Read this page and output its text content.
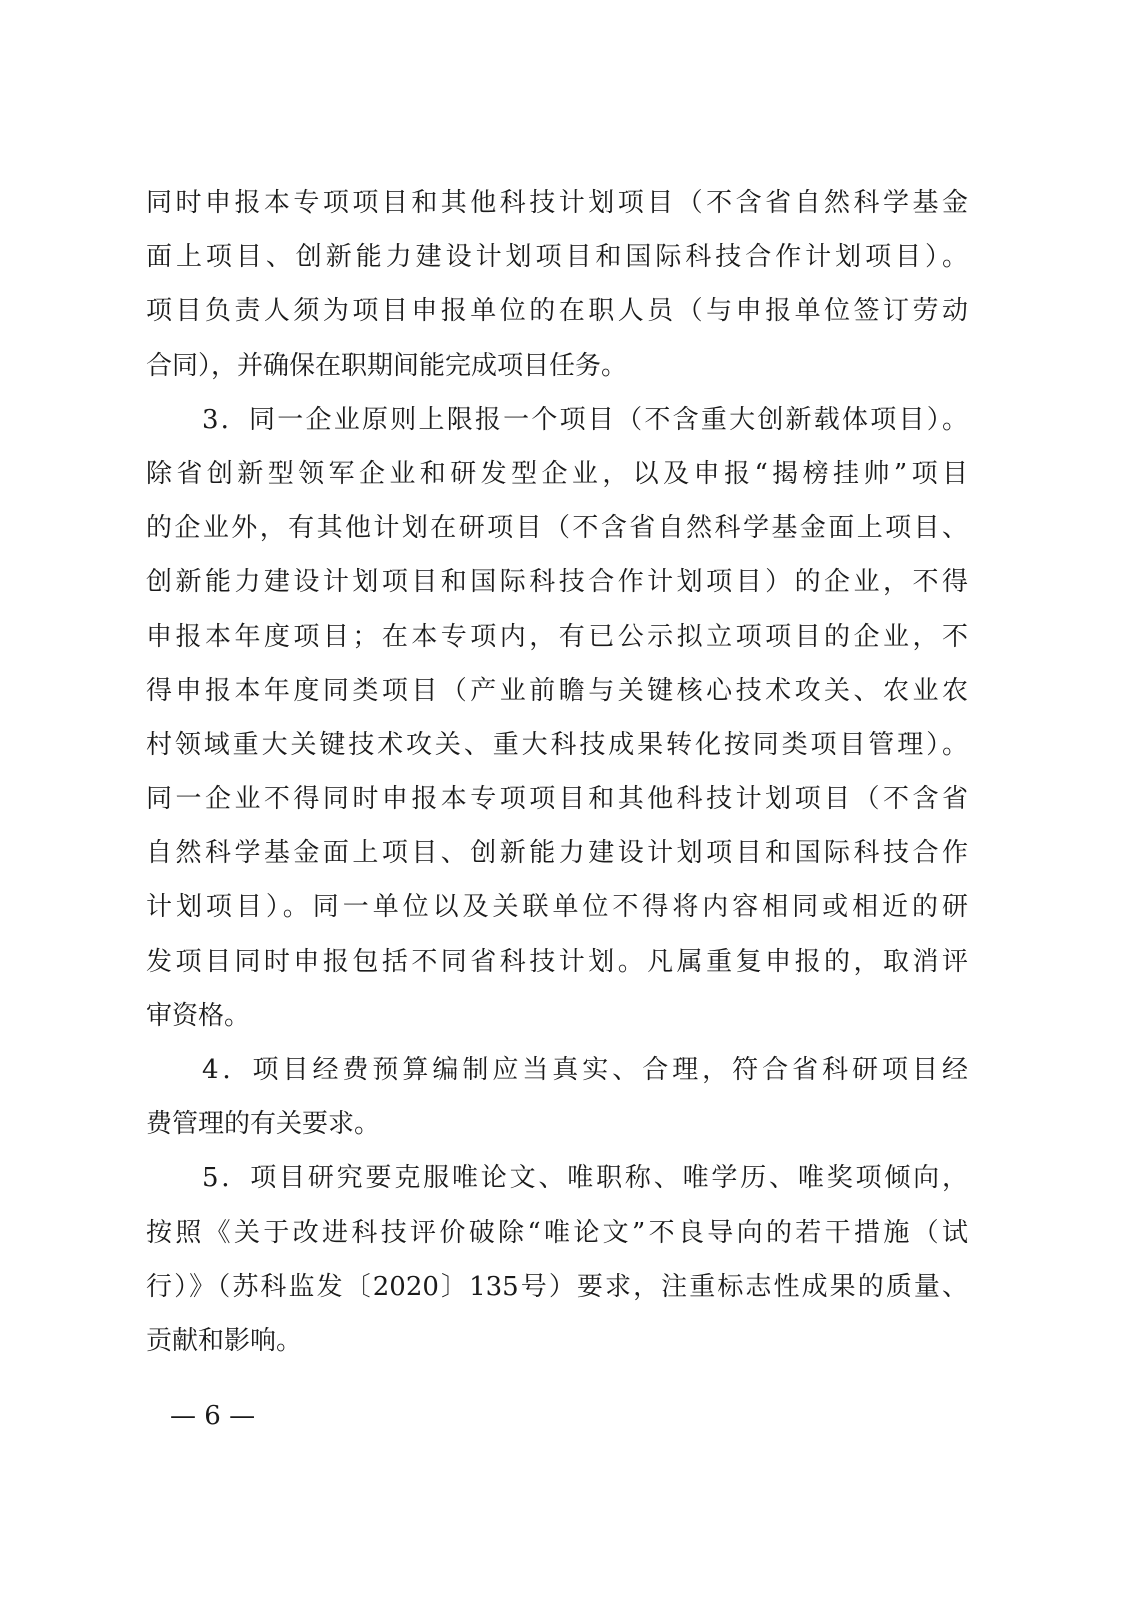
同时申报本专项项目和其他科技计划项目（不含省自然科学基金
面上项目、创新能力建设计划项目和国际科技合作计划项目）。
项目负责人须为项目申报单位的在职人员（与申报单位签订劳动
合同），并确保在职期间能完成项目任务。
3．同一企业原则上限报一个项目（不含重大创新载体项目）。
除省创新型领军企业和研发型企业，以及申报“揭榜挂帅”项目
的企业外，有其他计划在研项目（不含省自然科学基金面上项目、
创新能力建设计划项目和国际科技合作计划项目）的企业，不得
申报本年度项目；在本专项内，有已公示拟立项项目的企业，不
得申报本年度同类项目（产业前瞻与关键核心技术攻关、农业农
村领域重大关键技术攻关、重大科技成果转化按同类项目管理）。
同一企业不得同时申报本专项项目和其他科技计划项目（不含省
自然科学基金面上项目、创新能力建设计划项目和国际科技合作
计划项目）。同一单位以及关联单位不得将内容相同或相近的研
发项目同时申报包括不同省科技计划。凡属重复申报的，取消评
审资格。
4．项目经费预算编制应当真实、合理，符合省科研项目经
费管理的有关要求。
5．项目研究要克服唯论文、唯职称、唯学历、唯奖项倾向，
按照《关于改进科技评价破除“唯论文”不良导向的若干措施（试
行）》（苏科监发〔2020〕135号）要求，注重标志性成果的质量、
贡献和影响。
— 6 —
